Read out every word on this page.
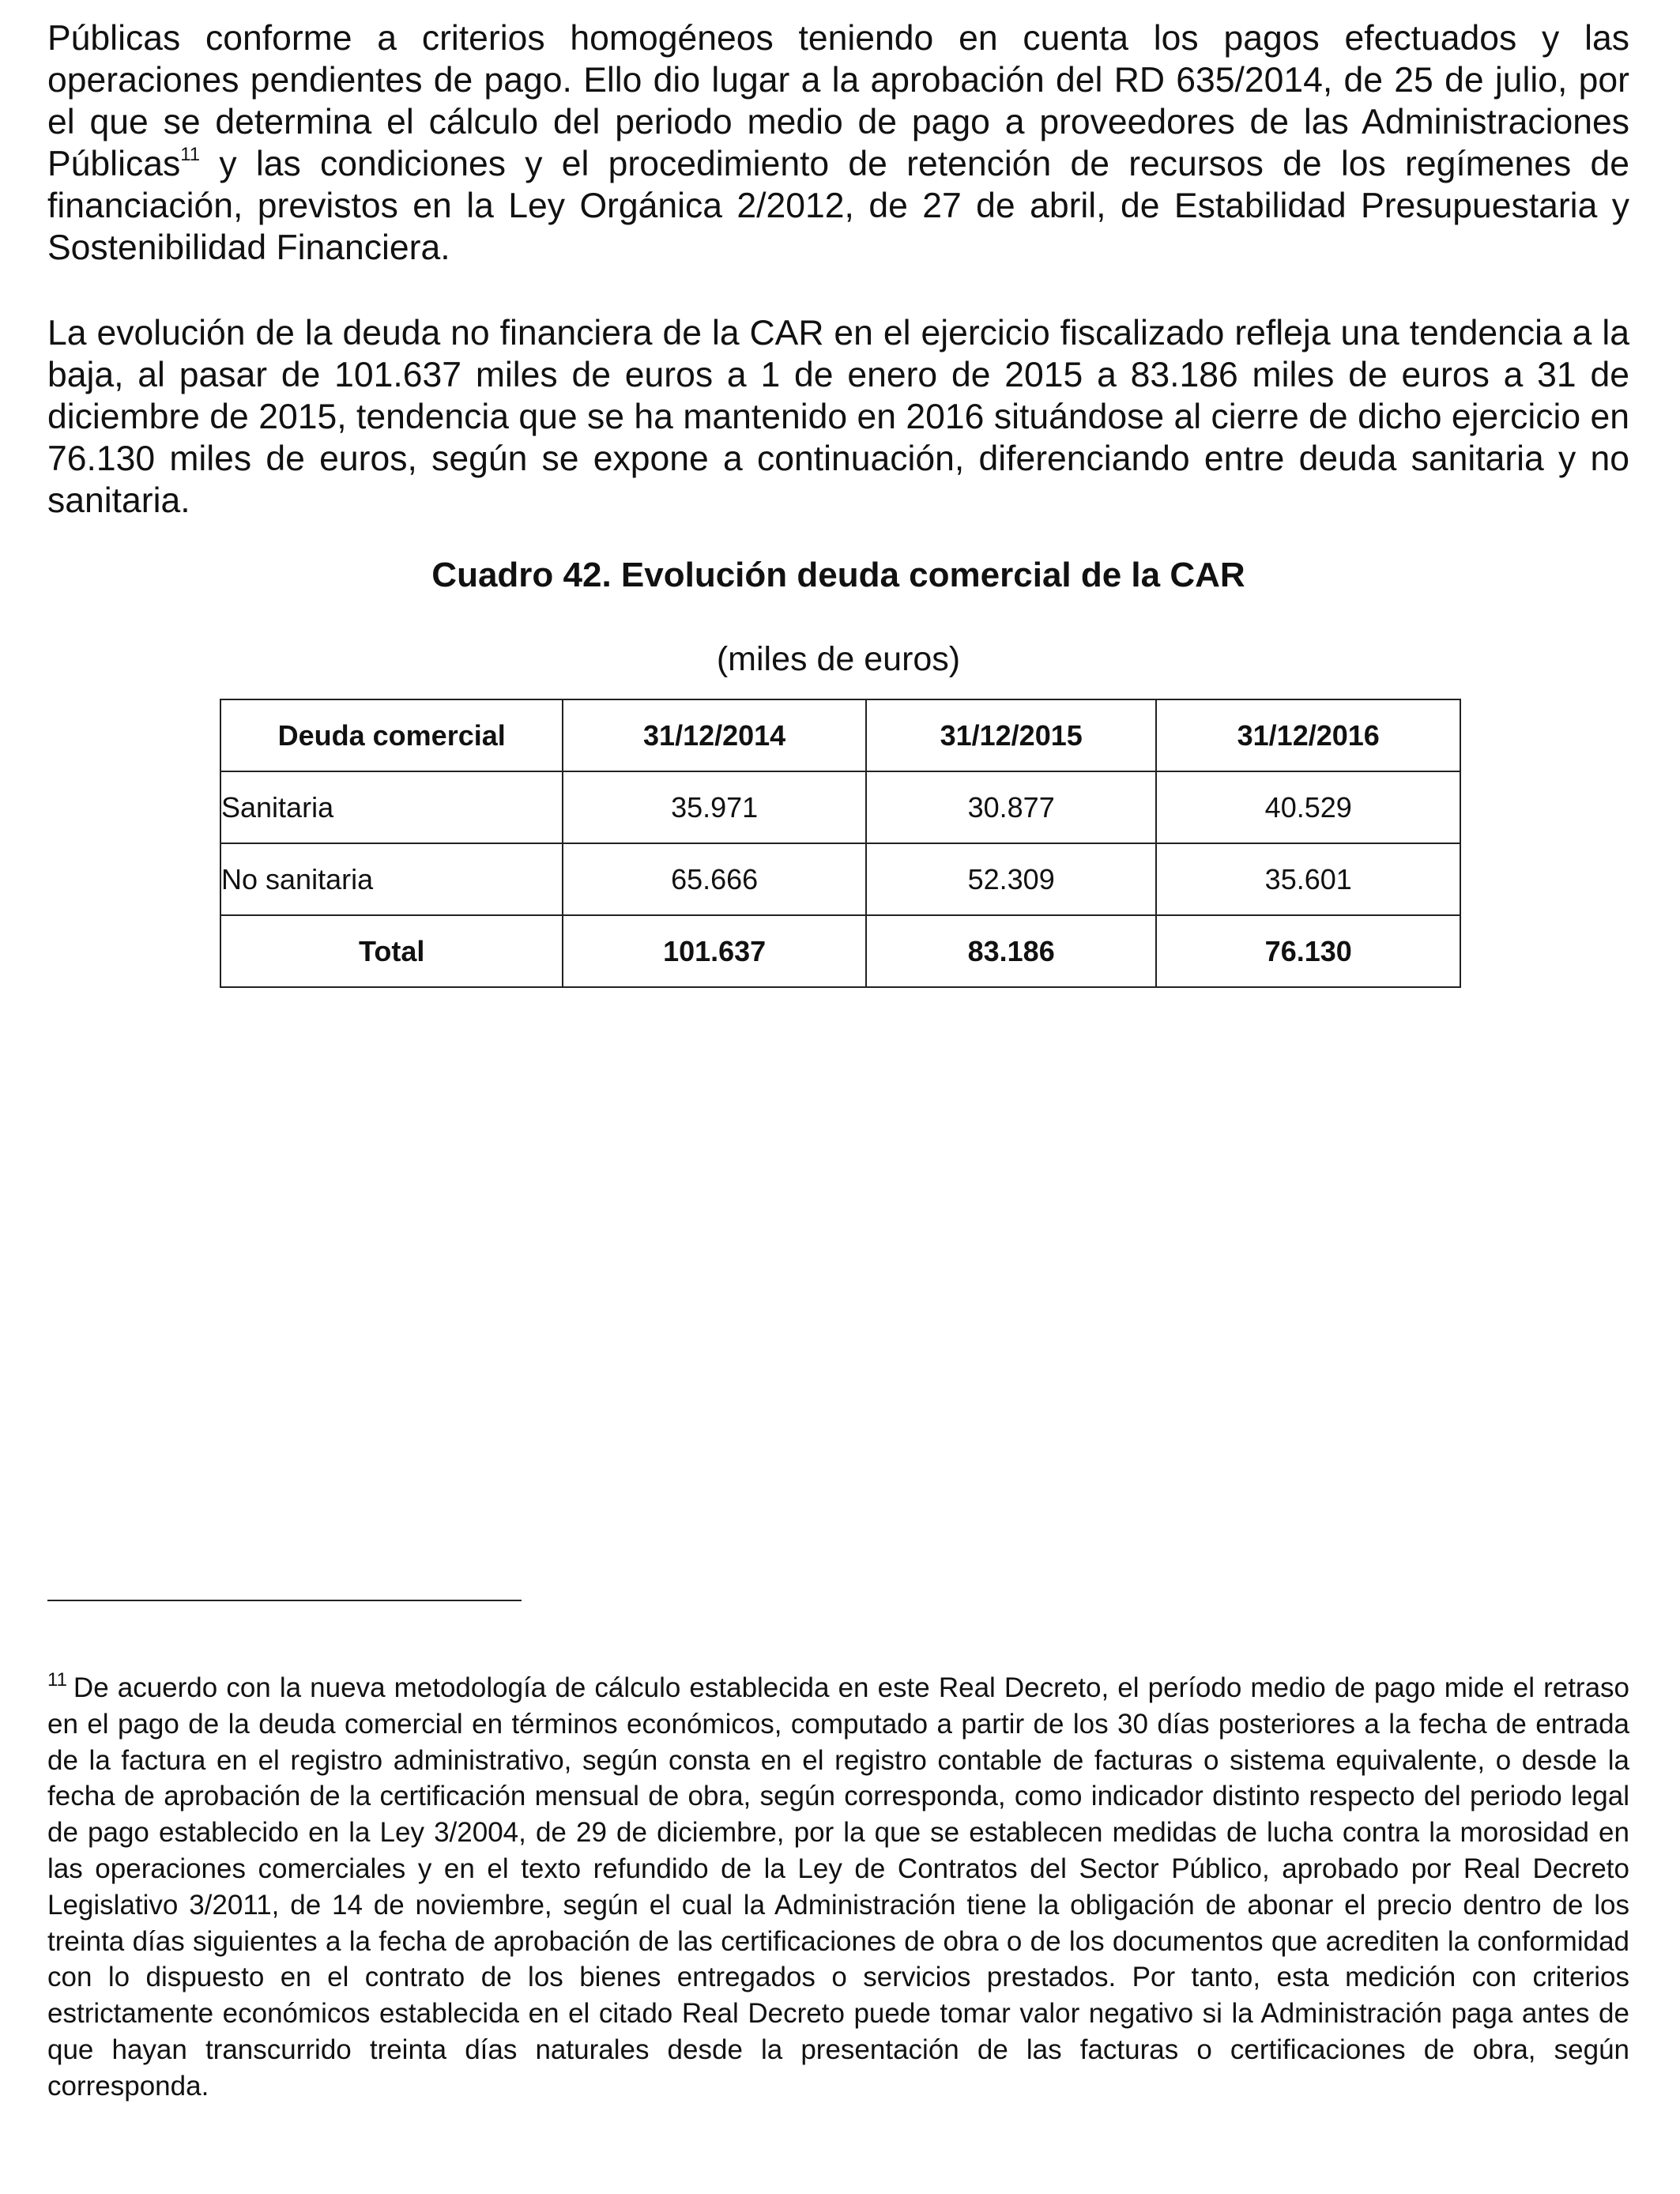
Públicas conforme a criterios homogéneos teniendo en cuenta los pagos efectuados y las operaciones pendientes de pago. Ello dio lugar a la aprobación del RD 635/2014, de 25 de julio, por el que se determina el cálculo del periodo medio de pago a proveedores de las Administraciones Públicas$^{11}$ y las condiciones y el procedimiento de retención de recursos de los regímenes de financiación, previstos en la Ley Orgánica 2/2012, de 27 de abril, de Estabilidad Presupuestaria y Sostenibilidad Financiera.

La evolución de la deuda no financiera de la CAR en el ejercicio fiscalizado refleja una tendencia a la baja, al pasar de 101.637 miles de euros a 1 de enero de 2015 a 83.186 miles de euros a 31 de diciembre de 2015, tendencia que se ha mantenido en 2016 situándose al cierre de dicho ejercicio en 76.130 miles de euros, según se expone a continuación, diferenciando entre deuda sanitaria y no sanitaria.

Cuadro 42. Evolución deuda comercial de la CAR

(miles de euros)

Deuda comercial	31/12/2014	31/12/2015	31/12/2016
Sanitaria	35.971	30.877	40.529
No sanitaria	65.666	52.309	35.601
Total	101.637	83.186	76.130

$^{11}$ De acuerdo con la nueva metodología de cálculo establecida en este Real Decreto, el período medio de pago mide el retraso en el pago de la deuda comercial en términos económicos, computado a partir de los 30 días posteriores a la fecha de entrada de la factura en el registro administrativo, según consta en el registro contable de facturas o sistema equivalente, o desde la fecha de aprobación de la certificación mensual de obra, según corresponda, como indicador distinto respecto del periodo legal de pago establecido en la Ley 3/2004, de 29 de diciembre, por la que se establecen medidas de lucha contra la morosidad en las operaciones comerciales y en el texto refundido de la Ley de Contratos del Sector Público, aprobado por Real Decreto Legislativo 3/2011, de 14 de noviembre, según el cual la Administración tiene la obligación de abonar el precio dentro de los treinta días siguientes a la fecha de aprobación de las certificaciones de obra o de los documentos que acrediten la conformidad con lo dispuesto en el contrato de los bienes entregados o servicios prestados. Por tanto, esta medición con criterios estrictamente económicos establecida en el citado Real Decreto puede tomar valor negativo si la Administración paga antes de que hayan transcurrido treinta días naturales desde la presentación de las facturas o certificaciones de obra, según corresponda.
